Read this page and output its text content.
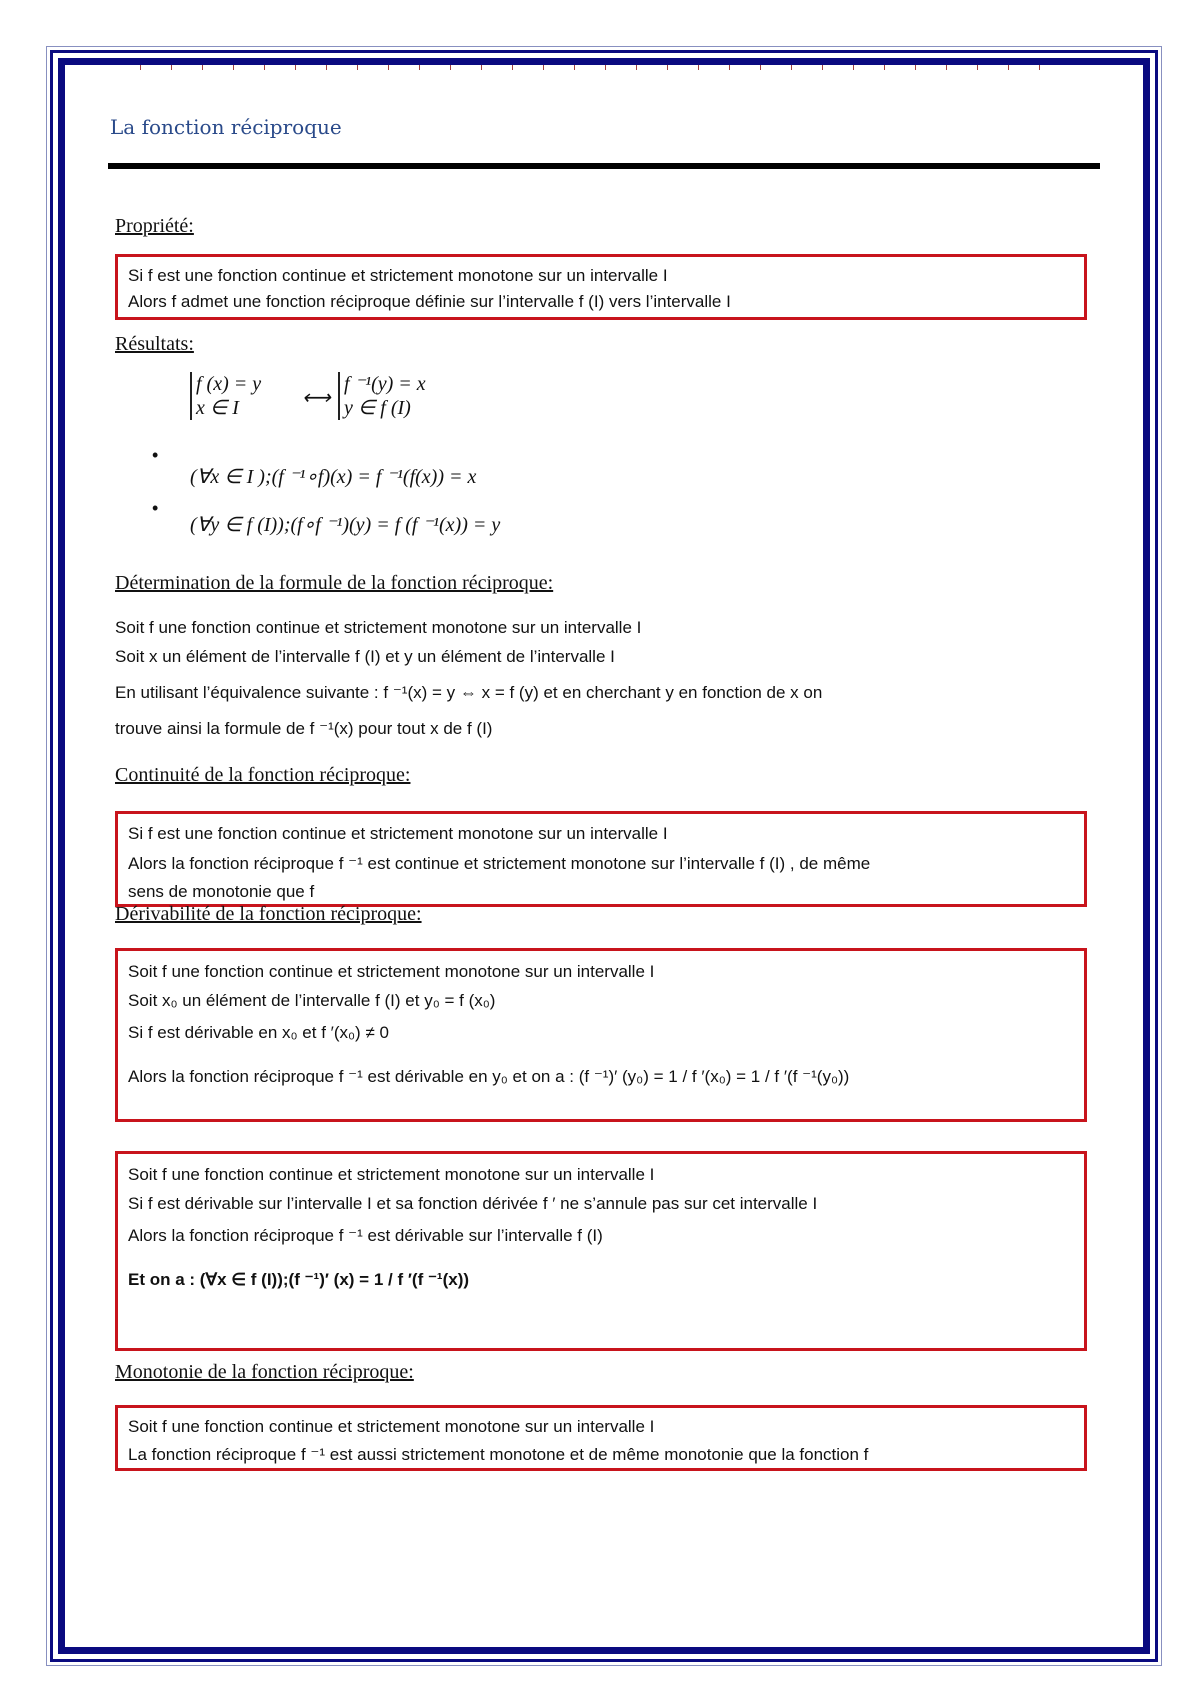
La fonction réciproque
Propriété:
Si f est une fonction continue et strictement monotone sur un intervalle I
Alors f admet une fonction réciproque définie sur l’intervalle f (I) vers l’intervalle I
Résultats:
f (x) = y
x ∈ I	⟷
f ⁻¹(y) = x
y ∈ f (I)
•
(∀x ∈ I );(f ⁻¹∘f)(x) = f ⁻¹(f(x)) = x
•
(∀y ∈ f (I));(f∘f ⁻¹)(y) = f (f ⁻¹(x)) = y
Détermination de la formule de la fonction réciproque:
Soit f une fonction continue et strictement monotone sur un intervalle I
Soit x un élément de l’intervalle f (I) et y un élément de l’intervalle I
En utilisant l’équivalence suivante : f ⁻¹(x) = y ⇔ x = f (y) et en cherchant y en fonction de x on
trouve ainsi la formule de f ⁻¹(x) pour tout x de f (I)
Continuité de la fonction réciproque:
Si f est une fonction continue et strictement monotone sur un intervalle I
Alors la fonction réciproque f ⁻¹ est continue et strictement monotone sur l’intervalle f (I) , de même
sens de monotonie que f
Dérivabilité de la fonction réciproque:
Soit f une fonction continue et strictement monotone sur un intervalle I
Soit x₀ un élément de l’intervalle f (I) et y₀ = f (x₀)
Si f est dérivable en x₀ et f ′(x₀) ≠ 0
Alors la fonction réciproque f ⁻¹ est dérivable en y₀ et on a : (f ⁻¹)′ (y₀) = 1 / f ′(x₀) = 1 / f ′(f ⁻¹(y₀))
Soit f une fonction continue et strictement monotone sur un intervalle I
Si f est dérivable sur l’intervalle I et sa fonction dérivée f ′ ne s’annule pas sur cet intervalle I
Alors la fonction réciproque f ⁻¹ est dérivable sur l’intervalle f (I)
Et on a : (∀x ∈ f (I));(f ⁻¹)′ (x) = 1 / f ′(f ⁻¹(x))
Monotonie de la fonction réciproque:
Soit f une fonction continue et strictement monotone sur un intervalle I
La fonction réciproque f ⁻¹ est aussi strictement monotone et de même monotonie que la fonction f
